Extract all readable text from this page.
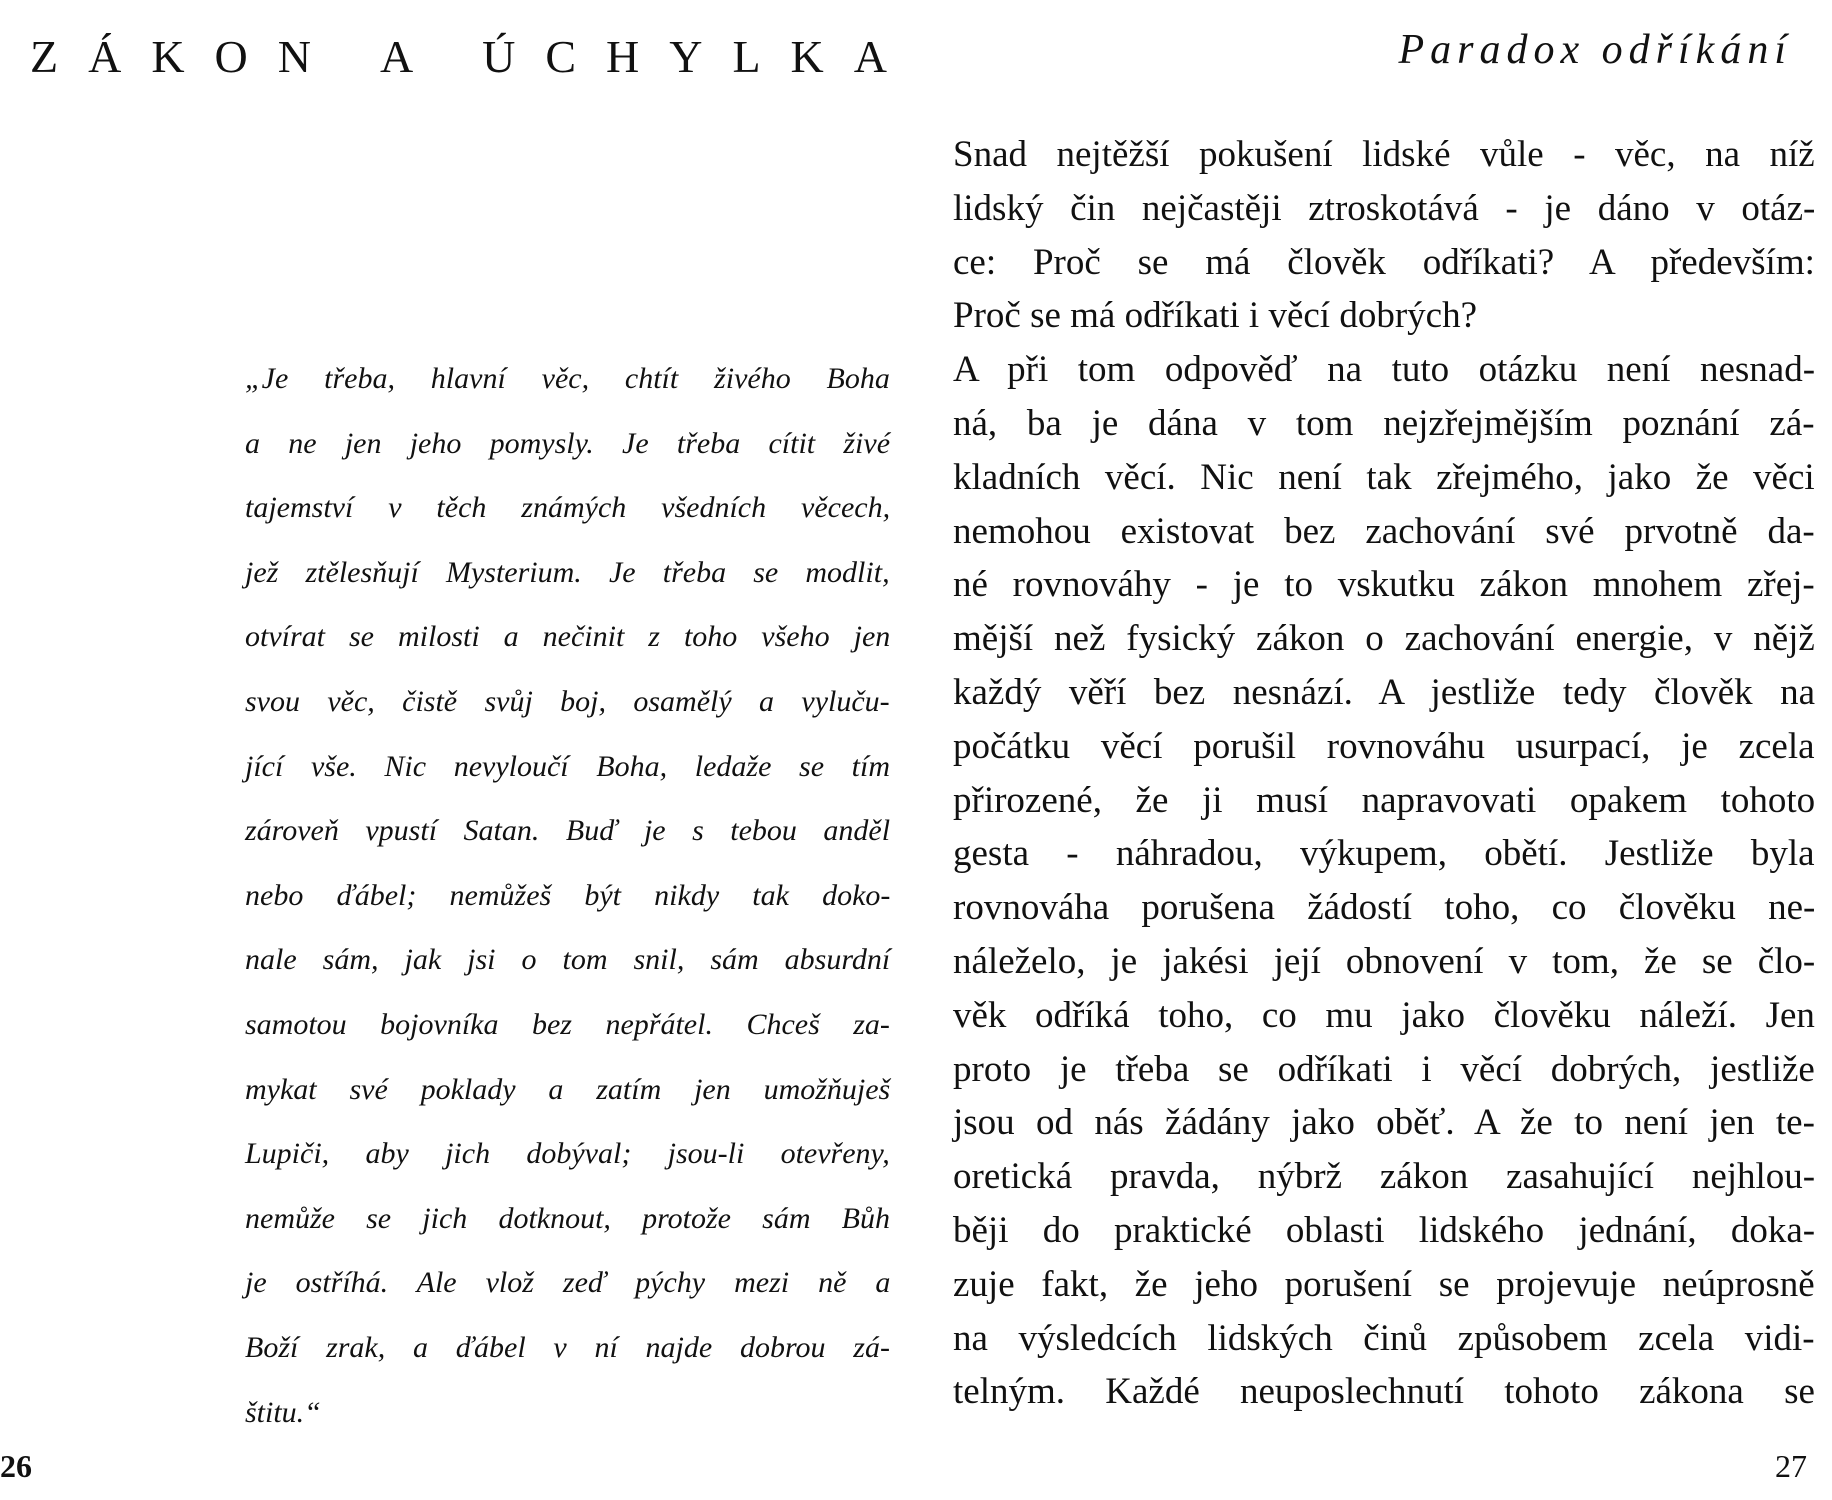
ZÁKON A ÚCHYLKA	Paradox odříkání
„Je třeba, hlavní věc, chtít živého Boha
a ne jen jeho pomysly. Je třeba cítit živé
tajemství v těch známých všedních věcech,
jež ztělesňují Mysterium. Je třeba se modlit,
otvírat se milosti a nečinit z toho všeho jen
svou věc, čistě svůj boj, osamělý a vyluču-
jící vše. Nic nevyloučí Boha, ledaže se tím
zároveň vpustí Satan. Buď je s tebou anděl
nebo ďábel; nemůžeš být nikdy tak doko-
nale sám, jak jsi o tom snil, sám absurdní
samotou bojovníka bez nepřátel. Chceš za-
mykat své poklady a zatím jen umožňuješ
Lupiči, aby jich dobýval; jsou-li otevřeny,
nemůže se jich dotknout, protože sám Bůh
je ostříhá. Ale vlož zeď pýchy mezi ně a
Boží zrak, a ďábel v ní najde dobrou zá-
štitu.“
Snad nejtěžší pokušení lidské vůle - věc, na níž
lidský čin nejčastěji ztroskotává - je dáno v otáz-
ce: Proč se má člověk odříkati? A především:
Proč se má odříkati i věcí dobrých?
A při tom odpověď na tuto otázku není nesnad-
ná, ba je dána v tom nejzřejmějším poznání zá-
kladních věcí. Nic není tak zřejmého, jako že věci
nemohou existovat bez zachování své prvotně da-
né rovnováhy - je to vskutku zákon mnohem zřej-
mější než fysický zákon o zachování energie, v nějž
každý věří bez nesnází. A jestliže tedy člověk na
počátku věcí porušil rovnováhu usurpací, je zcela
přirozené, že ji musí napravovati opakem tohoto
gesta - náhradou, výkupem, obětí. Jestliže byla
rovnováha porušena žádostí toho, co člověku ne-
náleželo, je jakési její obnovení v tom, že se člo-
věk odříká toho, co mu jako člověku náleží. Jen
proto je třeba se odříkati i věcí dobrých, jestliže
jsou od nás žádány jako oběť. A že to není jen te-
oretická pravda, nýbrž zákon zasahující nejhlou-
běji do praktické oblasti lidského jednání, doka-
zuje fakt, že jeho porušení se projevuje neúprosně
na výsledcích lidských činů způsobem zcela vidi-
telným. Každé neuposlechnutí tohoto zákona se
26	27
